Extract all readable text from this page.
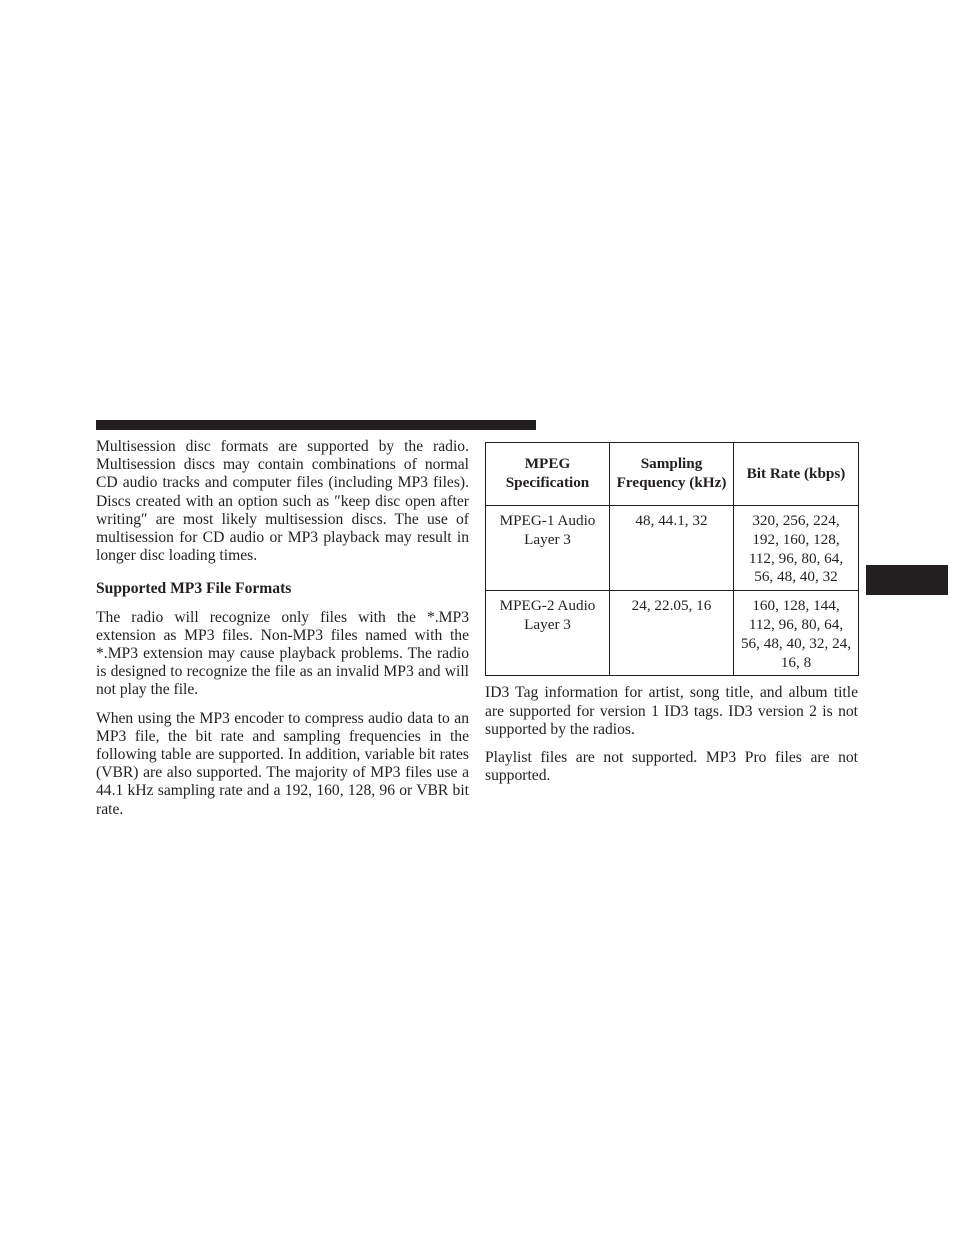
Multisession disc formats are supported by the radio. Multisession discs may contain combinations of normal CD audio tracks and computer files (including MP3 files). Discs created with an option such as ″keep disc open after writing″ are most likely multisession discs. The use of multisession for CD audio or MP3 playback may result in longer disc loading times.

Supported MP3 File Formats

The radio will recognize only files with the *.MP3 extension as MP3 files. Non-MP3 files named with the *.MP3 extension may cause playback problems. The radio is designed to recognize the file as an invalid MP3 and will not play the file.

When using the MP3 encoder to compress audio data to an MP3 file, the bit rate and sampling frequencies in the following table are supported. In addition, variable bit rates (VBR) are also supported. The majority of MP3 files use a 44.1 kHz sampling rate and a 192, 160, 128, 96 or VBR bit rate.

MPEG Specification	Sampling Frequency (kHz)	Bit Rate (kbps)
MPEG-1 Audio Layer 3	48, 44.1, 32	320, 256, 224, 192, 160, 128, 112, 96, 80, 64, 56, 48, 40, 32
MPEG-2 Audio Layer 3	24, 22.05, 16	160, 128, 144, 112, 96, 80, 64, 56, 48, 40, 32, 24, 16, 8

ID3 Tag information for artist, song title, and album title are supported for version 1 ID3 tags. ID3 version 2 is not supported by the radios.

Playlist files are not supported. MP3 Pro files are not supported.
